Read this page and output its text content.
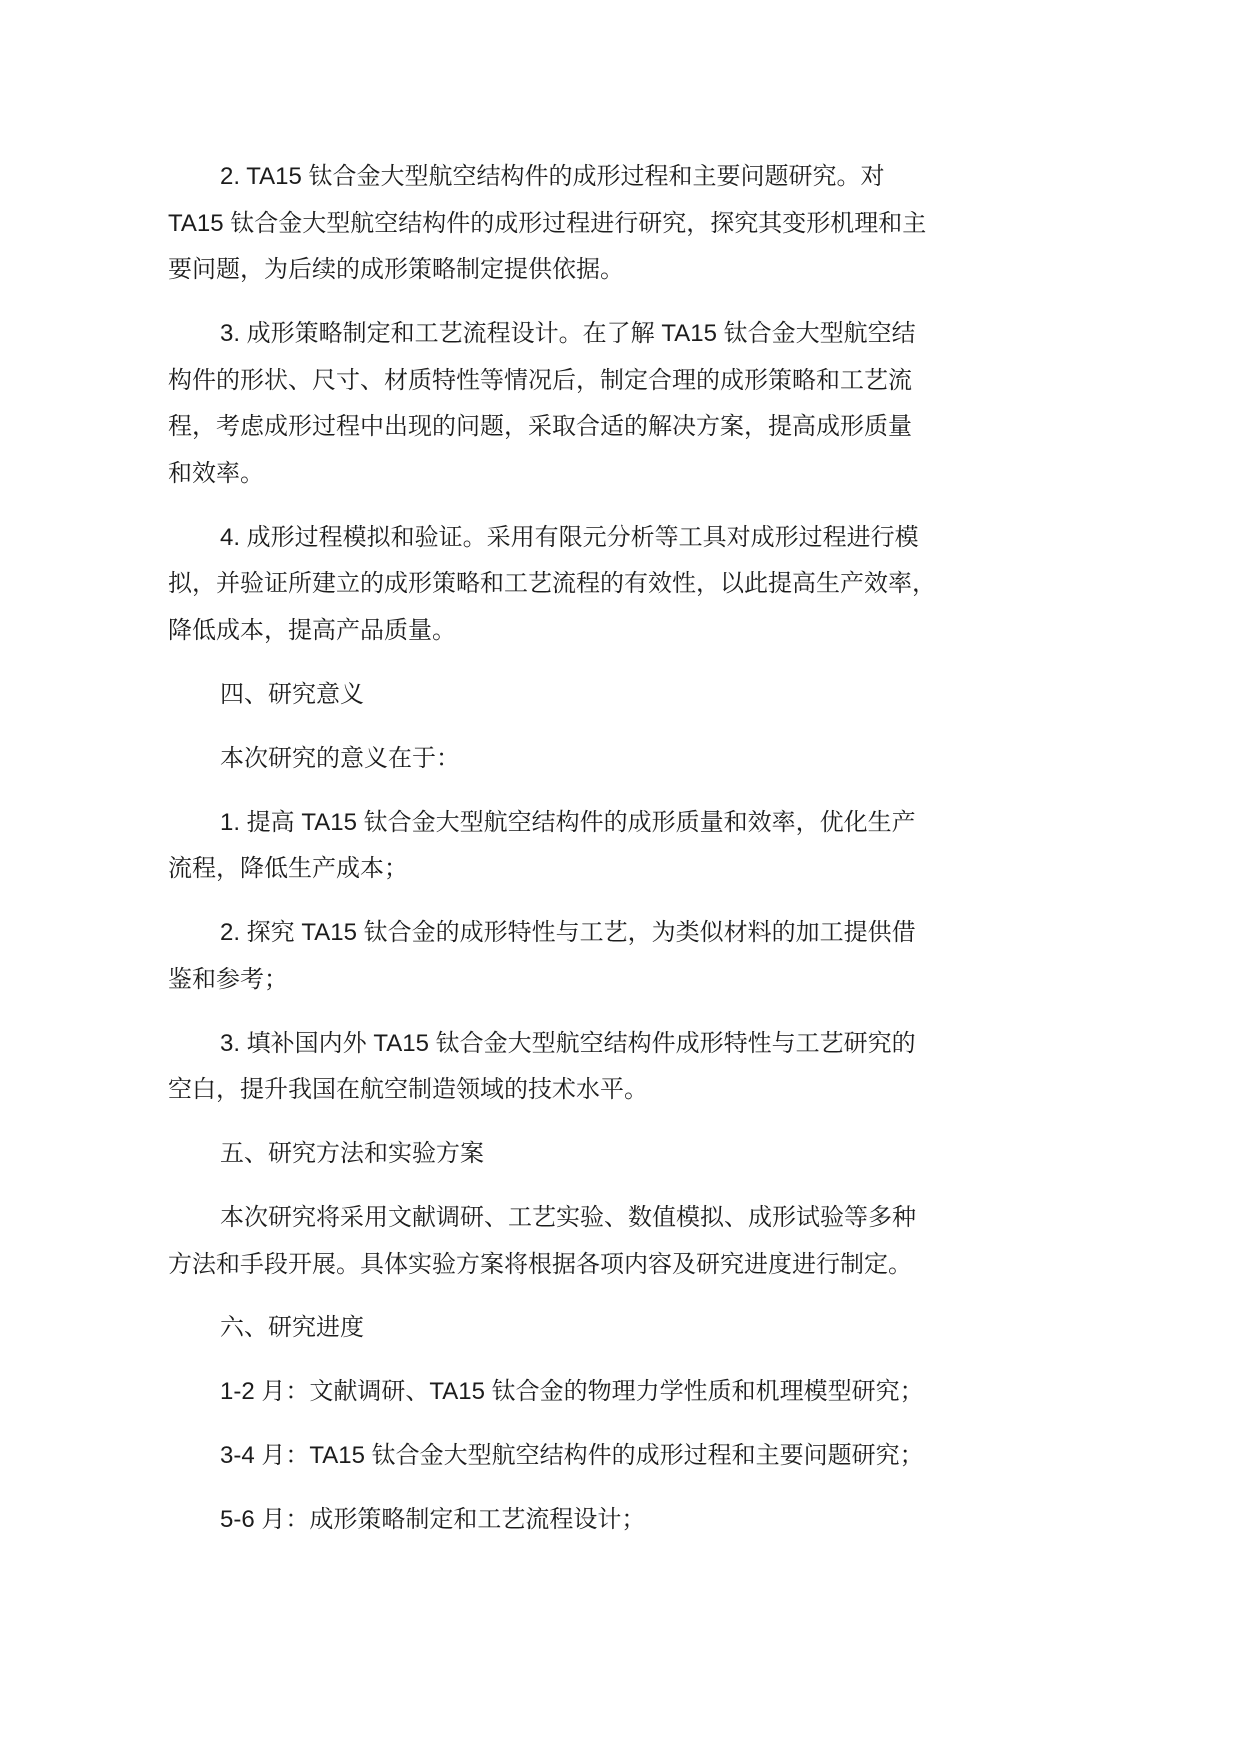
2. TA15 钛合金大型航空结构件的成形过程和主要问题研究。对
TA15 钛合金大型航空结构件的成形过程进行研究，探究其变形机理和主
要问题，为后续的成形策略制定提供依据。
3. 成形策略制定和工艺流程设计。在了解 TA15 钛合金大型航空结
构件的形状、尺寸、材质特性等情况后，制定合理的成形策略和工艺流
程，考虑成形过程中出现的问题，采取合适的解决方案，提高成形质量
和效率。
4. 成形过程模拟和验证。采用有限元分析等工具对成形过程进行模
拟，并验证所建立的成形策略和工艺流程的有效性，以此提高生产效率，
降低成本，提高产品质量。
四、研究意义
本次研究的意义在于：
1. 提高 TA15 钛合金大型航空结构件的成形质量和效率，优化生产
流程，降低生产成本；
2. 探究 TA15 钛合金的成形特性与工艺，为类似材料的加工提供借
鉴和参考；
3. 填补国内外 TA15 钛合金大型航空结构件成形特性与工艺研究的
空白，提升我国在航空制造领域的技术水平。
五、研究方法和实验方案
本次研究将采用文献调研、工艺实验、数值模拟、成形试验等多种
方法和手段开展。具体实验方案将根据各项内容及研究进度进行制定。
六、研究进度
1-2 月：文献调研、TA15 钛合金的物理力学性质和机理模型研究；
3-4 月：TA15 钛合金大型航空结构件的成形过程和主要问题研究；
5-6 月：成形策略制定和工艺流程设计；
